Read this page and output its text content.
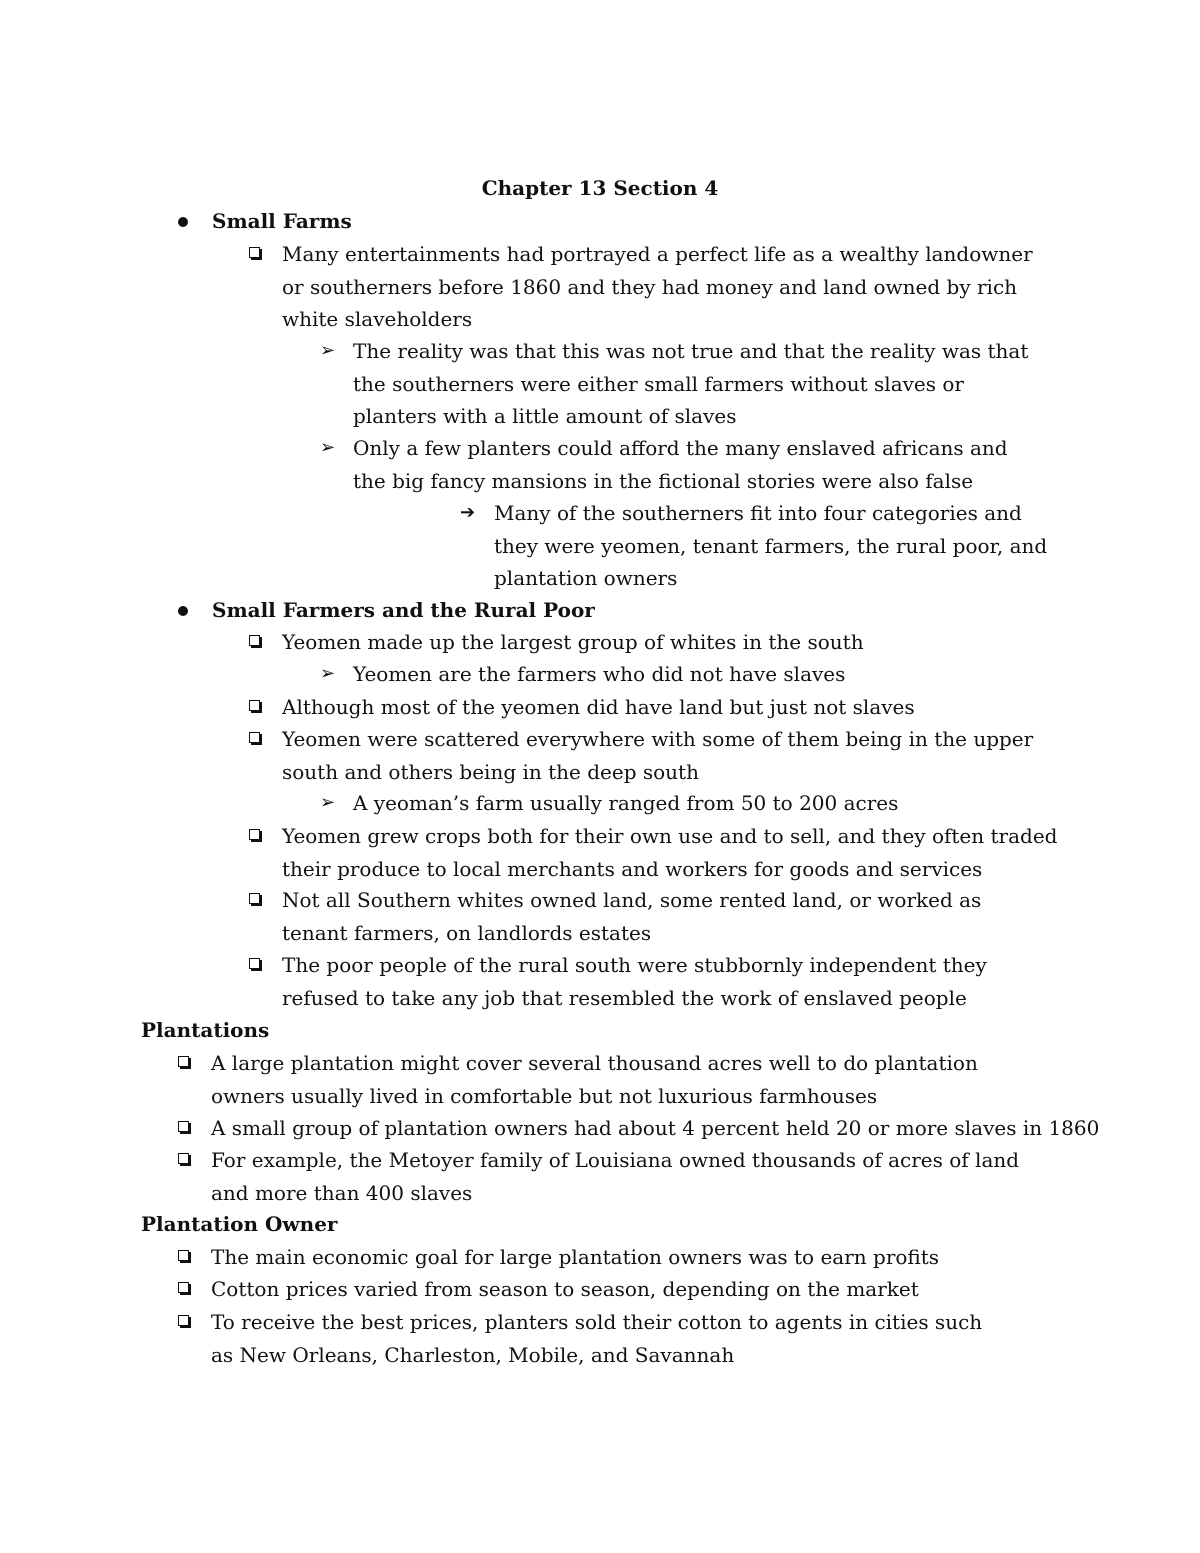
Chapter 13 Section 4
Small Farms
Many entertainments had portrayed a perfect life as a wealthy landowner or southerners before 1860 and they had money and land owned by rich white slaveholders
➢ The reality was that this was not true and that the reality was that the southerners were either small farmers without slaves or planters with a little amount of slaves
➢ Only a few planters could afford the many enslaved africans and the big fancy mansions in the fictional stories were also false
➔ Many of the southerners fit into four categories and they were yeomen, tenant farmers, the rural poor, and plantation owners
Small Farmers and the Rural Poor
Yeomen made up the largest group of whites in the south
➢ Yeomen are the farmers who did not have slaves
Although most of the yeomen did have land but just not slaves
Yeomen were scattered everywhere with some of them being in the upper south and others being in the deep south
➢ A yeoman’s farm usually ranged from 50 to 200 acres
Yeomen grew crops both for their own use and to sell, and they often traded their produce to local merchants and workers for goods and services
Not all Southern whites owned land, some rented land, or worked as tenant farmers, on landlords estates
The poor people of the rural south were stubbornly independent they refused to take any job that resembled the work of enslaved people
Plantations
A large plantation might cover several thousand acres well to do plantation owners usually lived in comfortable but not luxurious farmhouses
A small group of plantation owners had about 4 percent held 20 or more slaves in 1860
For example, the Metoyer family of Louisiana owned thousands of acres of land and more than 400 slaves
Plantation Owner
The main economic goal for large plantation owners was to earn profits
Cotton prices varied from season to season, depending on the market
To receive the best prices, planters sold their cotton to agents in cities such as New Orleans, Charleston, Mobile, and Savannah
